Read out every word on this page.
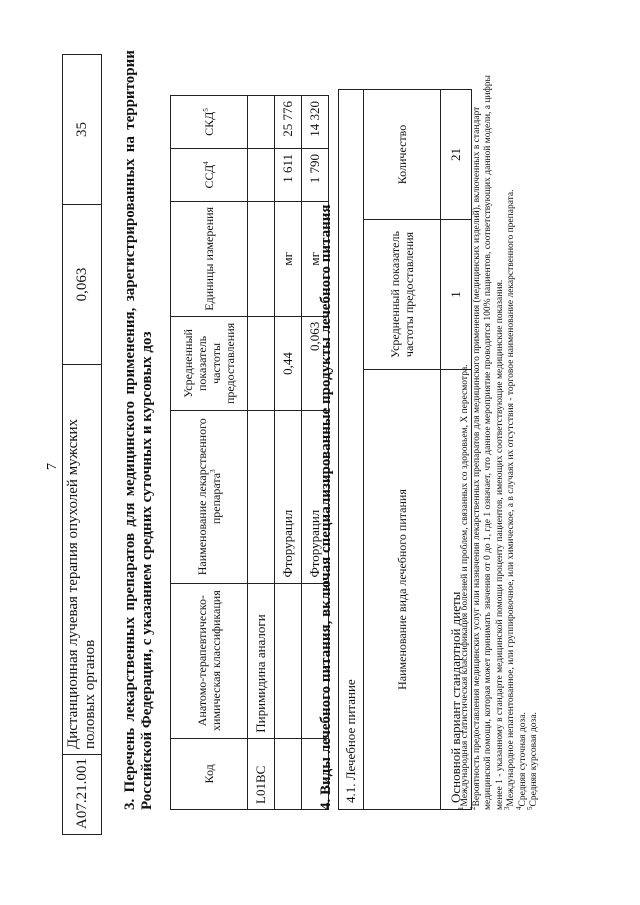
7
A07.21.001	Дистанционная лучевая терапия опухолей мужских половых органов	0,063	35
3.
Перечень
лекарственных
препаратов
для
медицинского
применения,
зарегистрированных
на
территории
Российской Федерации, с указанием средних суточных и курсовых доз	Код	Анатомо-терапевтическо-химическая классификация	Наименование лекарственного препарата$^3$	Усредненный показатель частоты предоставления	Единицы измерения	ССД$^4$	СКД$^5$
L01BC	Пиримидина аналоги					
		Фторурацил	0,44	мг	1 611	25 776
		Фторурацил	0,063	мг	1 790	14 320
4. Виды лечебного питания, включая специализированные продукты лечебного питания 4.1. Лечебное питание		
Наименование вида лечебного питания	Усредненный показатель частоты предоставления	Количество
Основной вариант стандартной диеты	1	21

$^1$Международная статистическая классификация болезней и проблем, связанных со здоровьем, X пересмотра.

$^2$Вероятность предоставления медицинских услуг или назначения лекарственных препаратов для медицинского применения (медицинских изделий), включенных в стандарт медицинской помощи, которая может принимать значения от 0 до 1, где 1 означает, что данное мероприятие проводится 100% пациентов, соответствующих данной модели, а цифры менее 1 - указанному в стандарте медицинской помощи проценту пациентов, имеющих соответствующие медицинские показания.

$^3$Международное непатентованное, или группировочное, или химическое, а в случаях их отсутствия - торговое наименование лекарственного препарата.

$^4$Средняя суточная доза.

$^5$Средняя курсовая доза.
